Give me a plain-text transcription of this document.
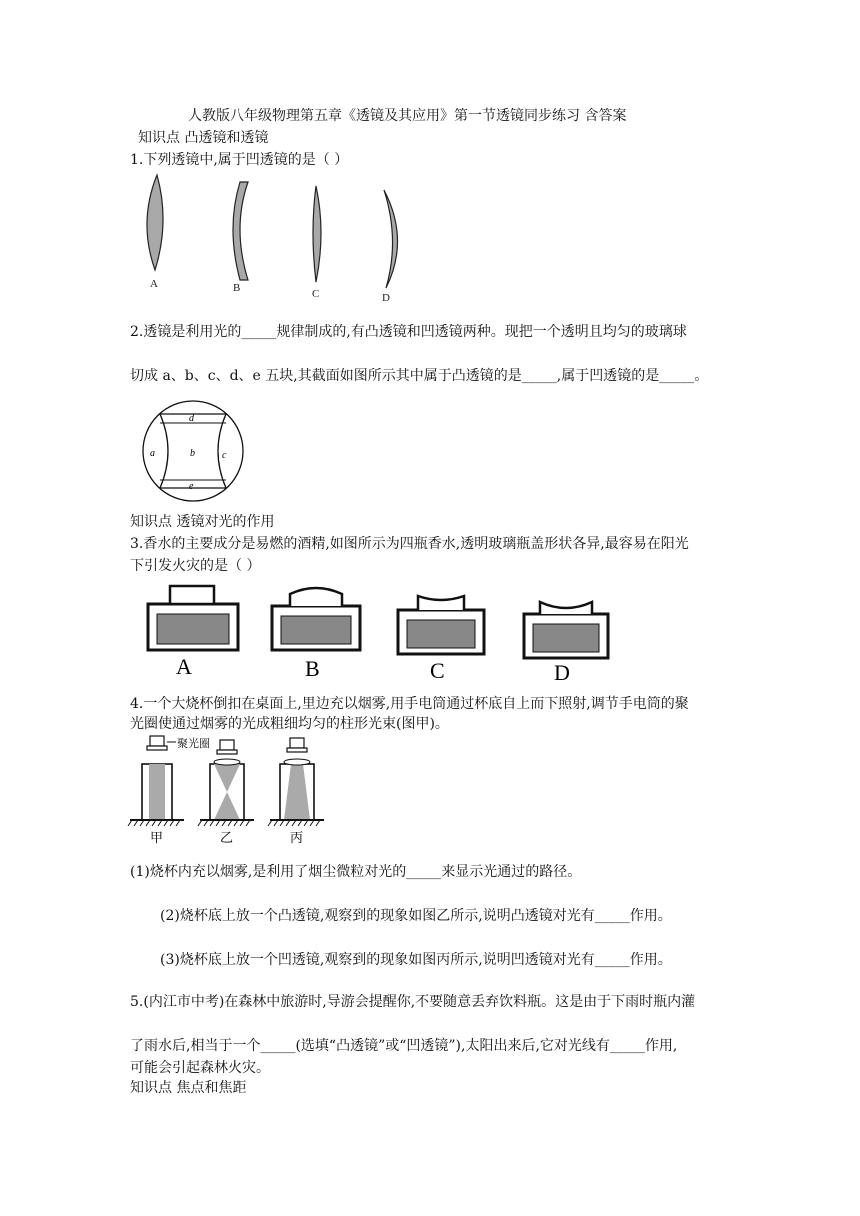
人教版八年级物理第五章《透镜及其应用》第一节透镜同步练习 含答案
知识点 凸透镜和透镜
1.下列透镜中,属于凹透镜的是（ ）
A	B	C	D
2.透镜是利用光的_____规律制成的,有凸透镜和凹透镜两种。现把一个透明且均匀的玻璃球
切成 a、b、c、d、e 五块,其截面如图所示其中属于凸透镜的是_____,属于凹透镜的是_____。
d
a	b	c
e
知识点 透镜对光的作用
3.香水的主要成分是易燃的酒精,如图所示为四瓶香水,透明玻璃瓶盖形状各异,最容易在阳光
下引发火灾的是（ ）
A	B	C	D
4.一个大烧杯倒扣在桌面上,里边充以烟雾,用手电筒通过杯底自上而下照射,调节手电筒的聚
光圈使通过烟雾的光成粗细均匀的柱形光束(图甲)。
聚光圈
甲	乙	丙
(1)烧杯内充以烟雾,是利用了烟尘微粒对光的_____来显示光通过的路径。
(2)烧杯底上放一个凸透镜,观察到的现象如图乙所示,说明凸透镜对光有_____作用。
(3)烧杯底上放一个凹透镜,观察到的现象如图丙所示,说明凹透镜对光有_____作用。
5.(内江市中考)在森林中旅游时,导游会提醒你,不要随意丢弃饮料瓶。这是由于下雨时瓶内灌
了雨水后,相当于一个_____(选填“凸透镜”或“凹透镜”),太阳出来后,它对光线有_____作用,
可能会引起森林火灾。
知识点 焦点和焦距
